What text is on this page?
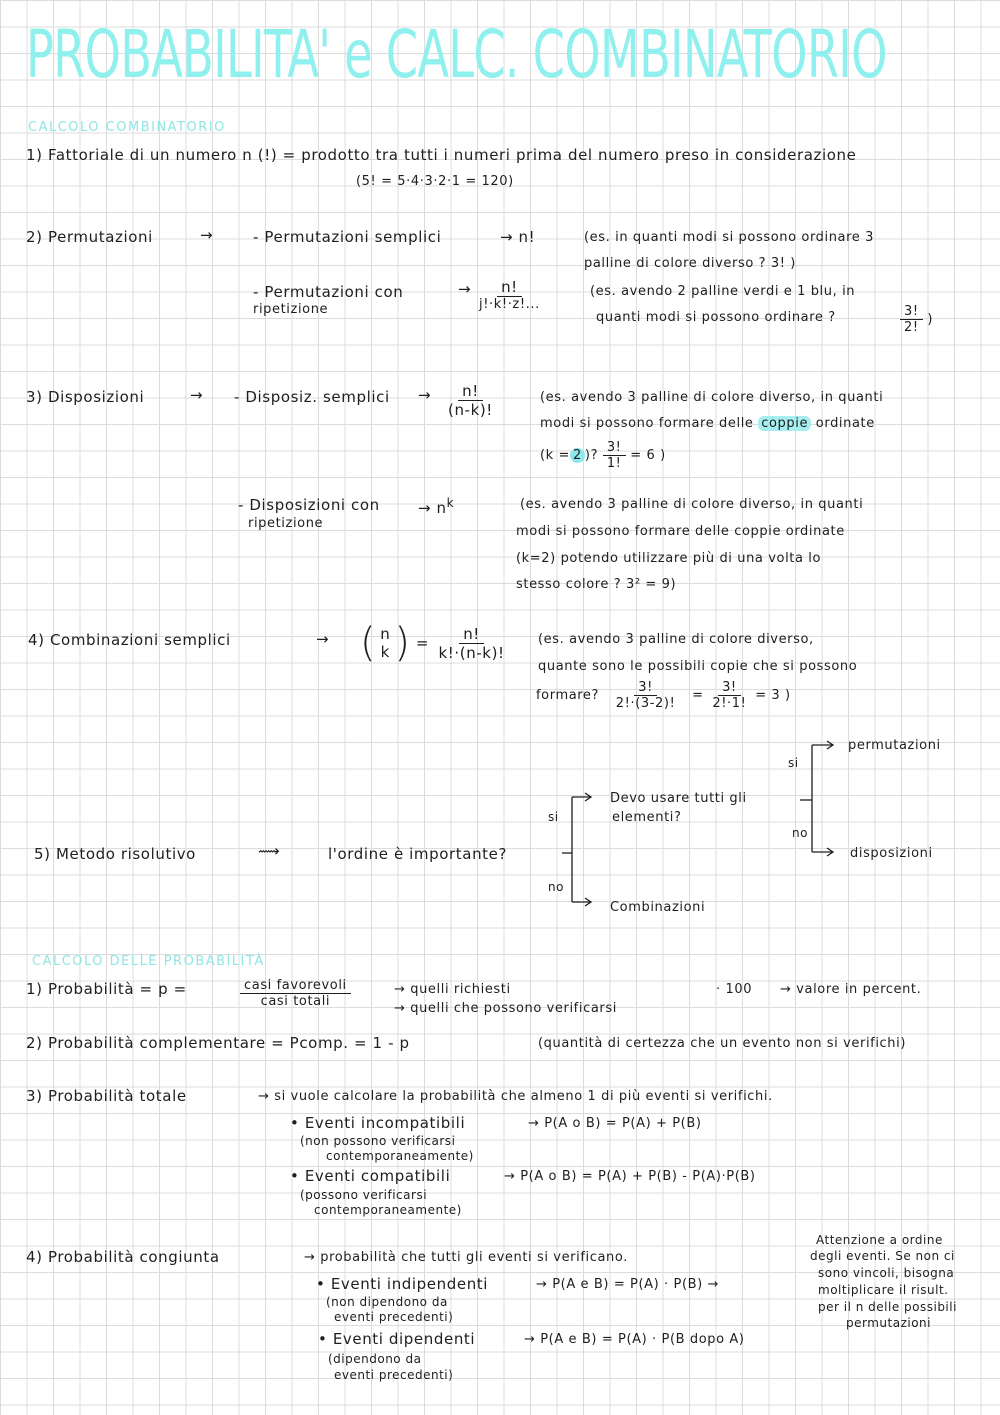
PROBABILITA' e CALC. COMBINATORIO
CALCOLO COMBINATORIO
1) Fattoriale di un numero n (!) = prodotto tra tutti i numeri prima del numero preso in considerazione
(5! = 5·4·3·2·1 = 120)
2) Permutazioni	→	- Permutazioni semplici	→ n!	(es. in quanti modi si possono ordinare 3
palline di colore diverso ? 3! )
- Permutazioni con
ripetizione
→ $\frac{n!}{j!\cdot k!\cdot z!...}$	(es. avendo 2 palline verdi e 1 blu, in
quanti modi si possono ordinare ?	$\frac{3!}{2!}$ )
3) Disposizioni	→ - Disposiz. semplici → $\frac{n!}{(n-k)!}$	(es. avendo 3 palline di colore diverso, in quanti
modi si possono formare delle coppie ordinate
(k = 2 )? $\frac{3!}{1!} = 6$ )
- Disposizioni con
ripetizione
→ $n^k$	(es. avendo 3 palline di colore diverso, in quanti
modi si possono formare delle coppie ordinate
(k=2) potendo utilizzare più di una volta lo
stesso colore ? 3² = 9)
4) Combinazioni semplici	→ ( n
k ) = $\frac{n!}{k!\cdot(n-k)!} (es$. avendo 3 palline di colore diverso,
quante sono le possibili copie che si possono
formare? $\frac{3!}{2!\cdot(3-2)!} = \frac{3!}{2!\cdot 1!} = 3$ )
5) Metodo risolutivo	⟿	l'ordine è importante?
si
no
Devo usare tutti gli
elementi?
si
no
permutazioni
disposizioni
Combinazioni
CALCOLO DELLE PROBABILITÀ
1) Probabilità = p =	$\frac{\text{casi favorevoli}}{\text{casi totali}}$	→ quelli richiesti
→ quelli che possono verificarsi
· 100 → valore in percent.
2) Probabilità complementare = Pcomp. = 1 - p	(quantità di certezza che un evento non si verifichi)
3) Probabilità totale	→ si vuole calcolare la probabilità che almeno 1 di più eventi si verifichi.
• Eventi incompatibili	→ P(A o B) = P(A) + P(B)
(non possono verificarsi
contemporaneamente)
• Eventi compatibili	→ P(A o B) = P(A) + P(B) - P(A)·P(B)
(possono verificarsi
contemporaneamente)
4) Probabilità congiunta	→ probabilità che tutti gli eventi si verificano.
• Eventi indipendenti	→ P(A e B) = P(A) · P(B) →
(non dipendono da
eventi precedenti)
• Eventi dipendenti	→ P(A e B) = P(A) · P(B dopo A)
(dipendono da
eventi precedenti)
Attenzione a ordine
degli eventi. Se non ci
sono vincoli, bisogna
moltiplicare il risult.
per il n delle possibili
permutazioni
